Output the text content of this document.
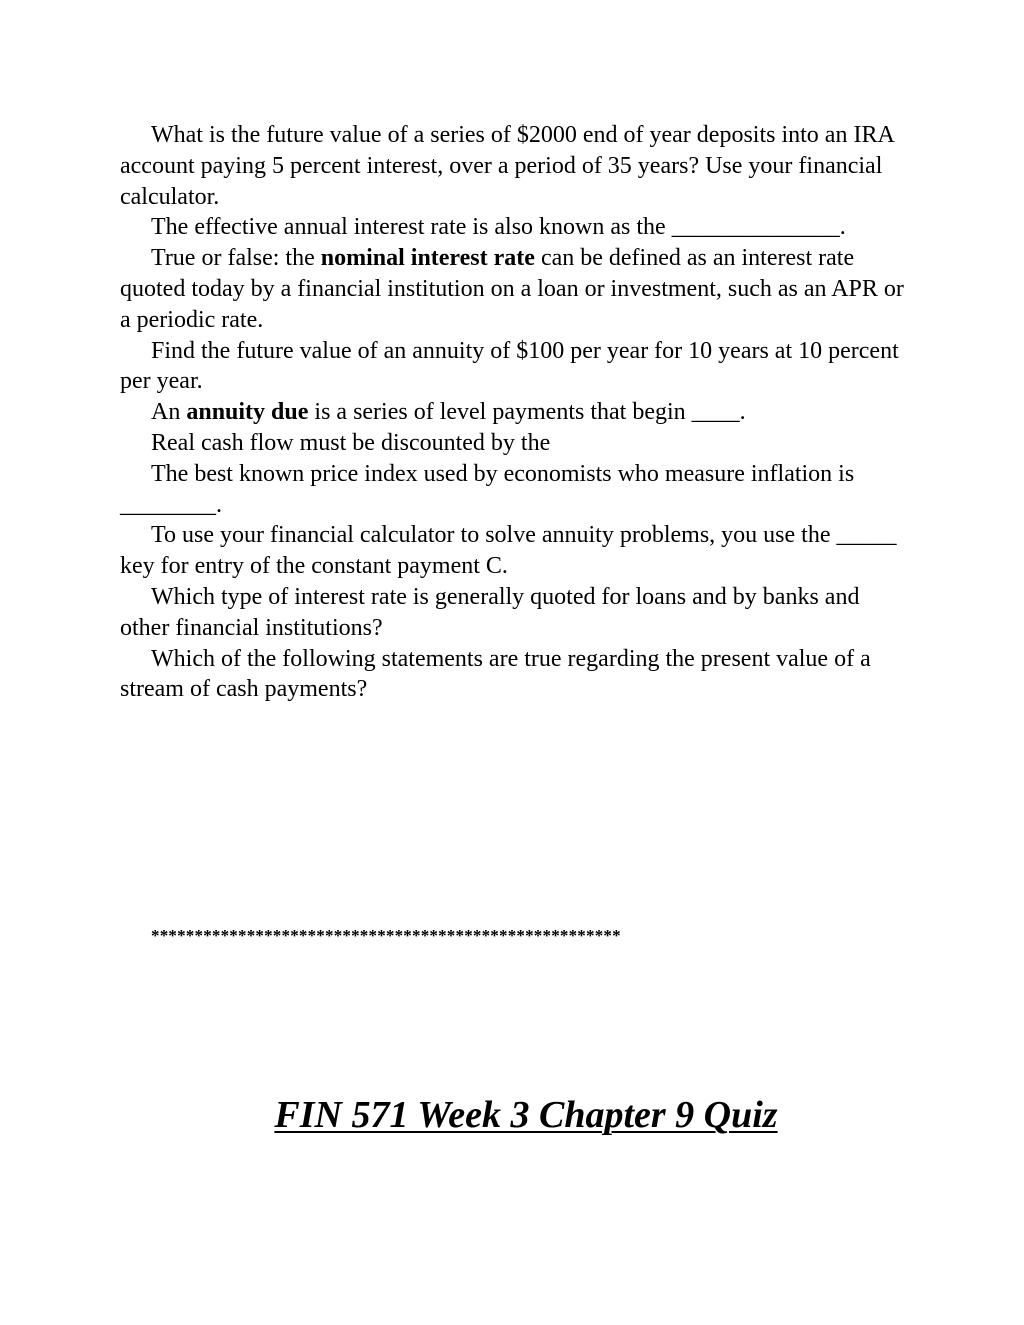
What is the future value of a series of $2000 end of year deposits into an IRA account paying 5 percent interest, over a period of 35 years? Use your financial calculator.

The effective annual interest rate is also known as the ______________.

True or false: the nominal interest rate can be defined as an interest rate quoted today by a financial institution on a loan or investment, such as an APR or a periodic rate.

Find the future value of an annuity of $100 per year for 10 years at 10 percent per year.

An annuity due is a series of level payments that begin ____.

Real cash flow must be discounted by the

The best known price index used by economists who measure inflation is ________.

To use your financial calculator to solve annuity problems, you use the _____ key for entry of the constant payment C.

Which type of interest rate is generally quoted for loans and by banks and other financial institutions?

Which of the following statements are true regarding the present value of a stream of cash payments?

******************************************************
FIN 571 Week 3 Chapter 9 Quiz
